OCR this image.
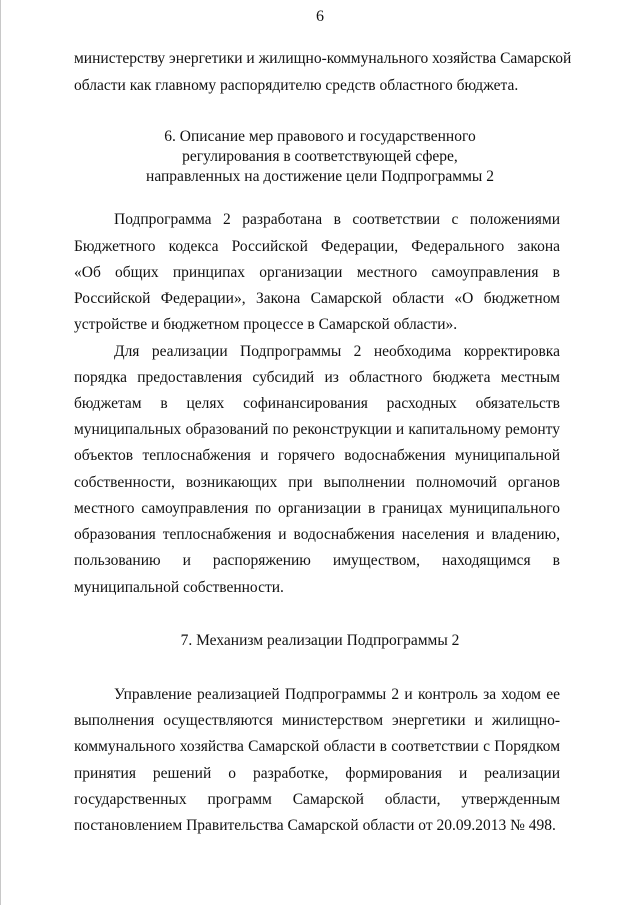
6
министерству энергетики и жилищно-коммунального хозяйства Самарской
области как главному распорядителю средств областного бюджета.
6. Описание мер правового и государственного
регулирования в соответствующей сфере,
направленных на достижение цели Подпрограммы 2
Подпрограмма 2 разработана в соответствии с положениями
Бюджетного кодекса Российской Федерации, Федерального закона
«Об общих принципах организации местного самоуправления в
Российской Федерации», Закона Самарской области «О бюджетном
устройстве и бюджетном процессе в Самарской области».
Для реализации Подпрограммы 2 необходима корректировка
порядка предоставления субсидий из областного бюджета местным
бюджетам в целях софинансирования расходных обязательств
муниципальных образований по реконструкции и капитальному ремонту
объектов теплоснабжения и горячего водоснабжения муниципальной
собственности, возникающих при выполнении полномочий органов
местного самоуправления по организации в границах муниципального
образования теплоснабжения и водоснабжения населения и владению,
пользованию и распоряжению имуществом, находящимся в
муниципальной собственности.
7. Механизм реализации Подпрограммы 2
Управление реализацией Подпрограммы 2 и контроль за ходом ее
выполнения осуществляются министерством энергетики и жилищно-
коммунального хозяйства Самарской области в соответствии с Порядком
принятия решений о разработке, формирования и реализации
государственных программ Самарской области, утвержденным
постановлением Правительства Самарской области от 20.09.2013 № 498.
